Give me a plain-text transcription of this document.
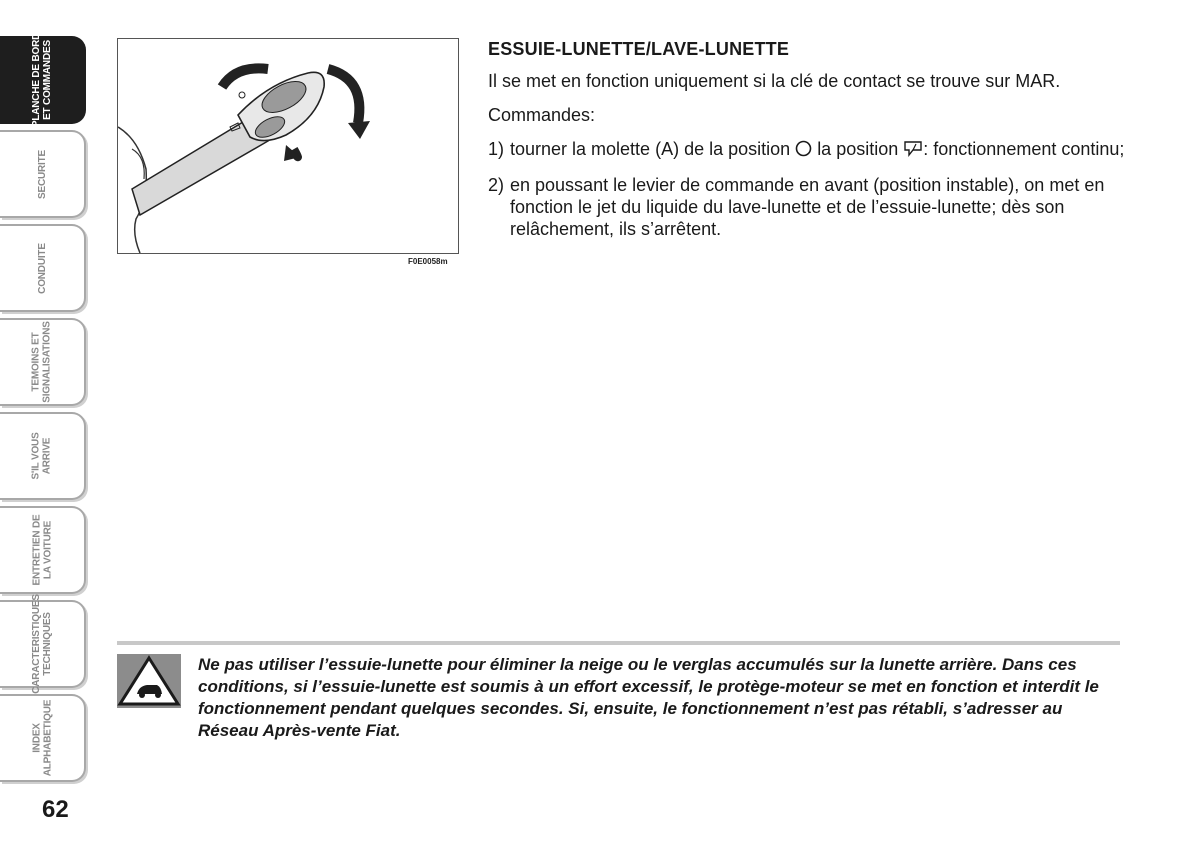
PLANCHE DE BORD ET COMMANDES
SECURITE
CONDUITE
TEMOINS ET SIGNALISATIONS
S'IL VOUS ARRIVE
ENTRETIEN DE LA VOITURE
CARACTERISTIQUES TECHNIQUES
INDEX ALPHABETIQUE
62
F0E0058m
ESSUIE-LUNETTE/LAVE-LUNETTE
Il se met en fonction uniquement si la clé de contact se trouve sur MAR.
Commandes:
1) tourner la molette (A) de la position la position : fonctionnement continu;
2) en poussant le levier de commande en avant (position instable), on met en fonction le jet du liquide du lave-lunette et de l’essuie-lunette; dès son relâchement, ils s’arrêtent.
Ne pas utiliser l’essuie-lunette pour éliminer la neige ou le verglas accumulés sur la lunette arrière. Dans ces conditions, si l’essuie-lunette est soumis à un effort excessif, le protège-moteur se met en fonction et interdit le fonctionnement pendant quelques secondes. Si, ensuite, le fonctionnement n’est pas rétabli, s’adresser au Réseau Après-vente Fiat.
